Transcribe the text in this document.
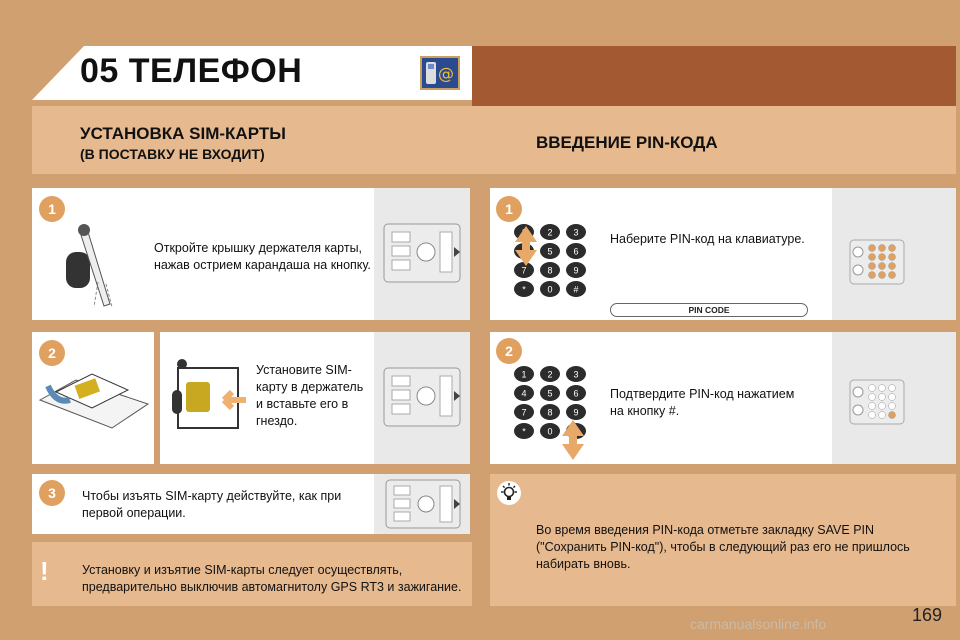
05 ТЕЛЕФОН	@
УСТАНОВКА SIM-КАРТЫ
(В ПОСТАВКУ НЕ ВХОДИТ)
ВВЕДЕНИЕ PIN-КОДА
1
Откройте крышку держателя карты, нажав острием карандаша на кнопку.
2
Установите SIM-карту в держатель и вставьте его в гнездо.
3	Чтобы изъять SIM-карту действуйте, как при первой операции.
!	Установку и изъятие SIM-карты следует осуществлять, предварительно выключив автомагнитолу GPS RT3 и зажигание.
1
2 3
5 6
7 8 9
* 0 #
Наберите PIN-код на клавиатуре.
PIN CODE
2
1 2 3
4 5 6
7 8 9
* 0
Подтвердите PIN-код нажатием на кнопку #.
Во время введения PIN-кода отметьте закладку SAVE PIN ("Сохранить PIN-код"), чтобы в следующий раз его не пришлось набирать вновь.
169
carmanualsonline.info
